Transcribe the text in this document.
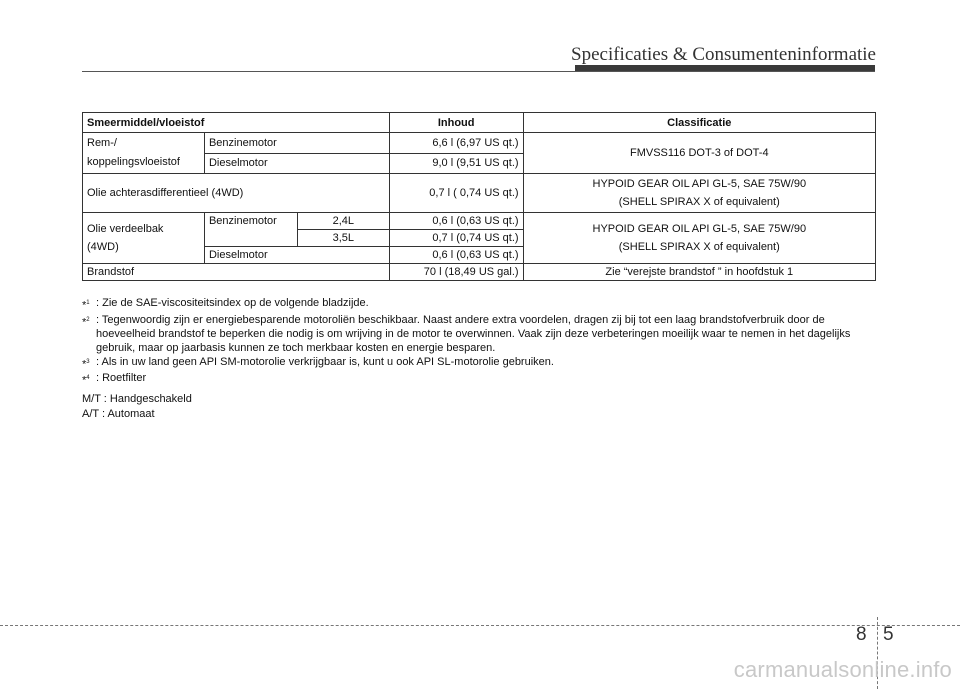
Specificaties & Consumenteninformatie
Smeermiddel/vloeistof			Inhoud	Classificatie
Rem-/
koppelingsvloeistof	Benzinemotor		6,6 l (6,97 US qt.)	FMVSS116 DOT-3 of DOT-4
	Dieselmotor		9,0 l (9,51 US qt.)	
Olie achterasdifferentieel (4WD)			0,7 l ( 0,74 US qt.)	HYPOID GEAR OIL API GL-5, SAE 75W/90
(SHELL SPIRAX X of equivalent)
Olie verdeelbak
(4WD)	Benzinemotor	2,4L	0,6 l (0,63 US qt.)	HYPOID GEAR OIL API GL-5, SAE 75W/90
(SHELL SPIRAX X of equivalent)
		3,5L	0,7 l (0,74 US qt.)	
	Dieselmotor		0,6 l (0,63 US qt.)	
Brandstof			70 l (18,49 US gal.)	Zie “verejste brandstof ” in hoofdstuk 1
*$^1$ : Zie de SAE-viscositeitsindex op de volgende bladzijde.
*$^2$ : Tegenwoordig zijn er energiebesparende motoroliën beschikbaar. Naast andere extra voordelen, dragen zij bij tot een laag brandstofverbruik door de hoeveelheid brandstof te beperken die nodig is om wrijving in de motor te overwinnen. Vaak zijn deze verbeteringen moeilijk waar te nemen in het dagelijks gebruik, maar op jaarbasis kunnen ze toch merkbaar kosten en energie besparen.
*$^3$ : Als in uw land geen API SM-motorolie verkrijgbaar is, kunt u ook API SL-motorolie gebruiken.
*$^4$ : Roetfilter
M/T : Handgeschakeld
A/T : Automaat
8 5
carmanualsonline.info
